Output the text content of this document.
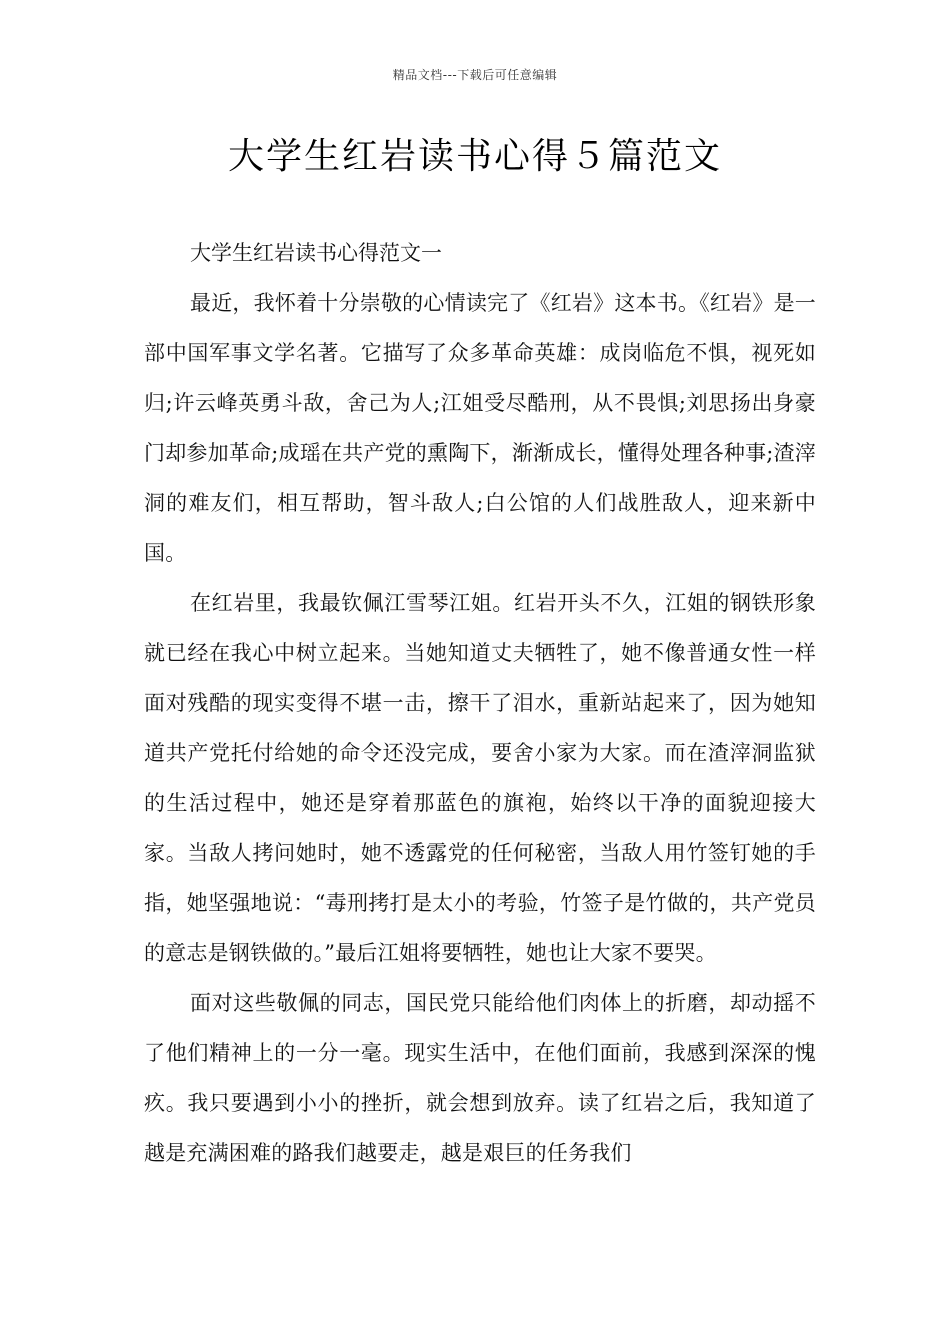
精品文档---下载后可任意编辑
大学生红岩读书心得５篇范文

大学生红岩读书心得范文一

最近，我怀着十分崇敬的心情读完了《红岩》这本书。《红岩》是一部中国军事文学名著。它描写了众多革命英雄：成岗临危不惧，视死如归;许云峰英勇斗敌，舍己为人;江姐受尽酷刑，从不畏惧;刘思扬出身豪门却参加革命;成瑶在共产党的熏陶下，渐渐成长，懂得处理各种事;渣滓洞的难友们，相互帮助，智斗敌人;白公馆的人们战胜敌人，迎来新中国。

在红岩里，我最钦佩江雪琴江姐。红岩开头不久，江姐的钢铁形象就已经在我心中树立起来。当她知道丈夫牺牲了，她不像普通女性一样面对残酷的现实变得不堪一击，擦干了泪水，重新站起来了，因为她知道共产党托付给她的命令还没完成，要舍小家为大家。而在渣滓洞监狱的生活过程中，她还是穿着那蓝色的旗袍，始终以干净的面貌迎接大家。当敌人拷问她时，她不透露党的任何秘密，当敌人用竹签钉她的手指，她坚强地说：“毒刑拷打是太小的考验，竹签子是竹做的，共产党员的意志是钢铁做的。”最后江姐将要牺牲，她也让大家不要哭。

面对这些敬佩的同志，国民党只能给他们肉体上的折磨，却动摇不了他们精神上的一分一毫。现实生活中，在他们面前，我感到深深的愧疚。我只要遇到小小的挫折，就会想到放弃。读了红岩之后，我知道了越是充满困难的路我们越要走，越是艰巨的任务我们
